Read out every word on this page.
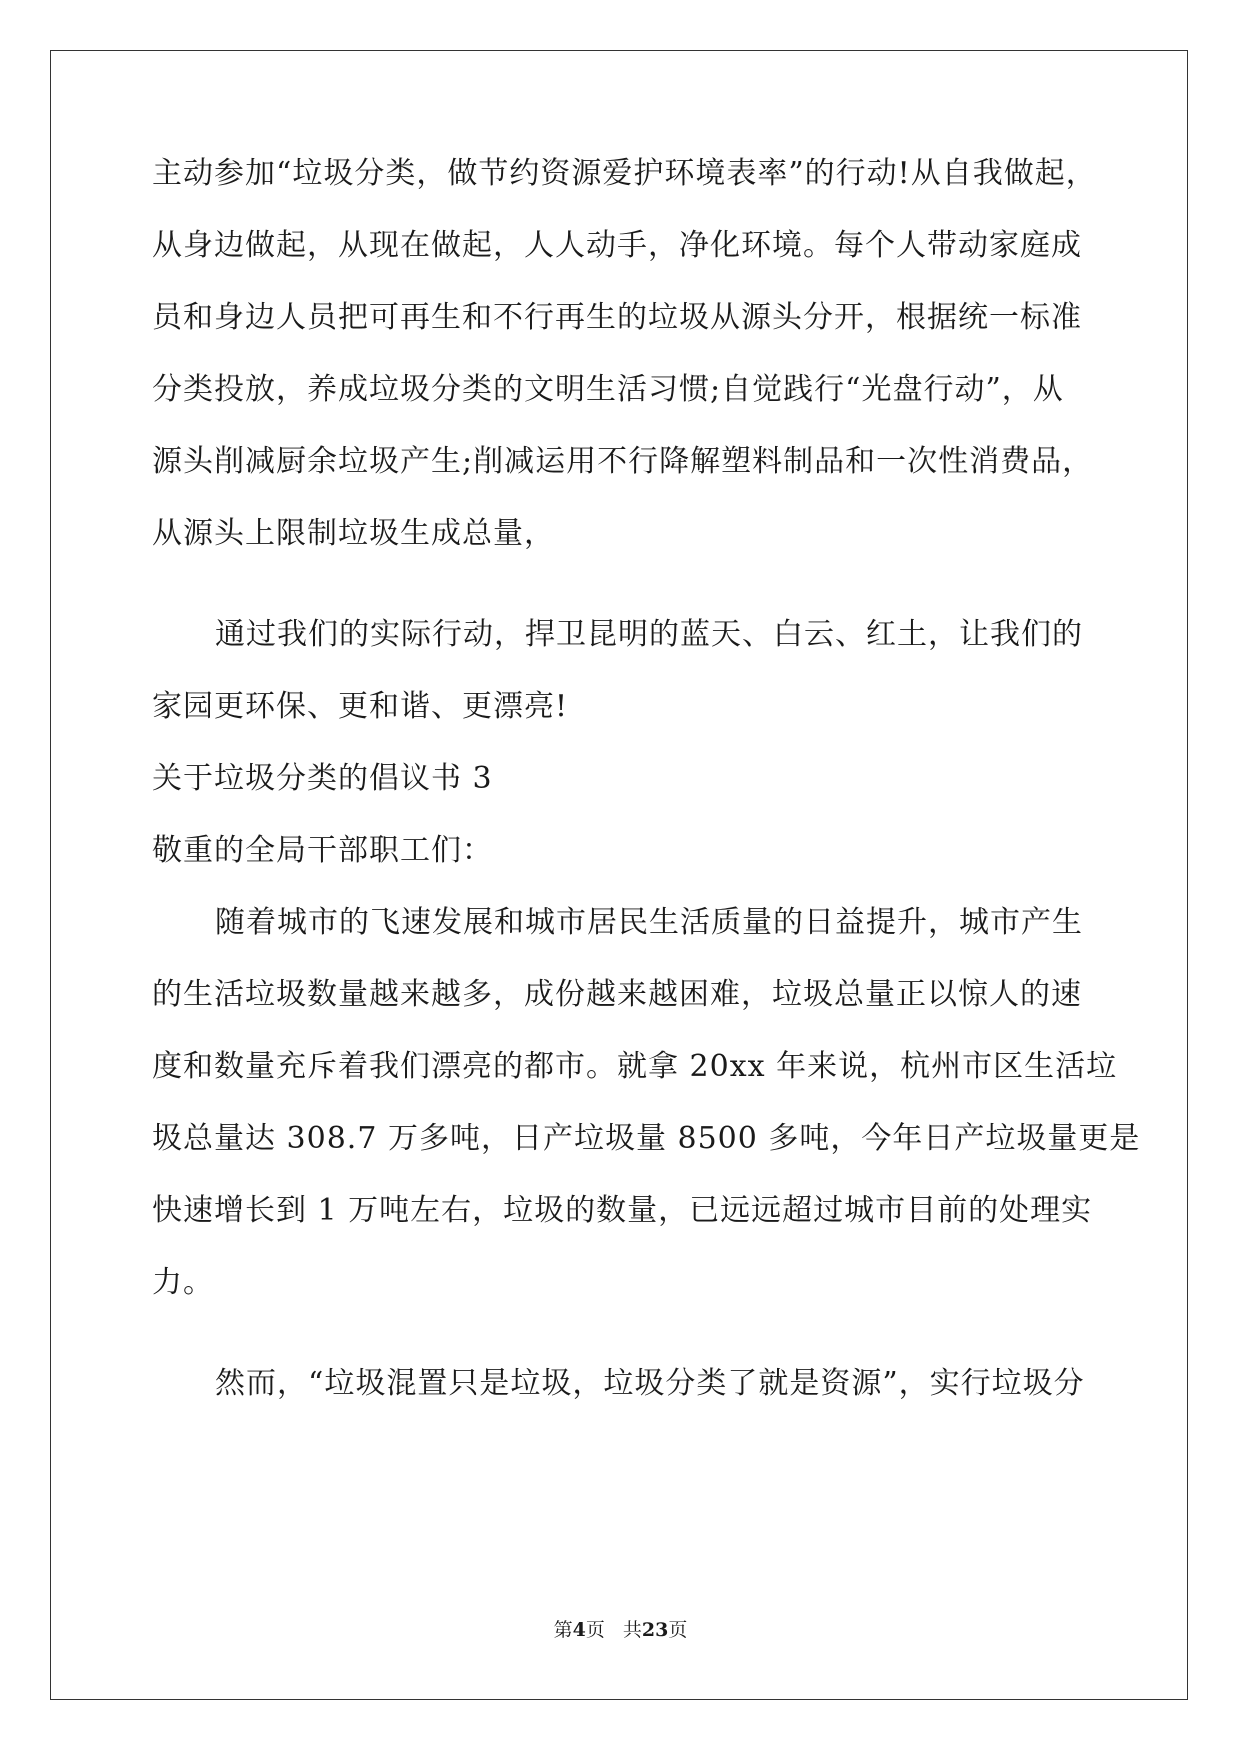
主动参加“垃圾分类，做节约资源爱护环境表率”的行动!从自我做起，
从身边做起，从现在做起，人人动手，净化环境。每个人带动家庭成
员和身边人员把可再生和不行再生的垃圾从源头分开，根据统一标准
分类投放，养成垃圾分类的文明生活习惯;自觉践行“光盘行动”，从
源头削减厨余垃圾产生;削减运用不行降解塑料制品和一次性消费品，
从源头上限制垃圾生成总量，
通过我们的实际行动，捍卫昆明的蓝天、白云、红土，让我们的
家园更环保、更和谐、更漂亮!
关于垃圾分类的倡议书 3
敬重的全局干部职工们：
随着城市的飞速发展和城市居民生活质量的日益提升，城市产生
的生活垃圾数量越来越多，成份越来越困难，垃圾总量正以惊人的速
度和数量充斥着我们漂亮的都市。就拿 20xx 年来说，杭州市区生活垃
圾总量达 308.7 万多吨，日产垃圾量 8500 多吨，今年日产垃圾量更是
快速增长到 1 万吨左右，垃圾的数量，已远远超过城市目前的处理实
力。
然而，“垃圾混置只是垃圾，垃圾分类了就是资源”，实行垃圾分
第4页 共23页
